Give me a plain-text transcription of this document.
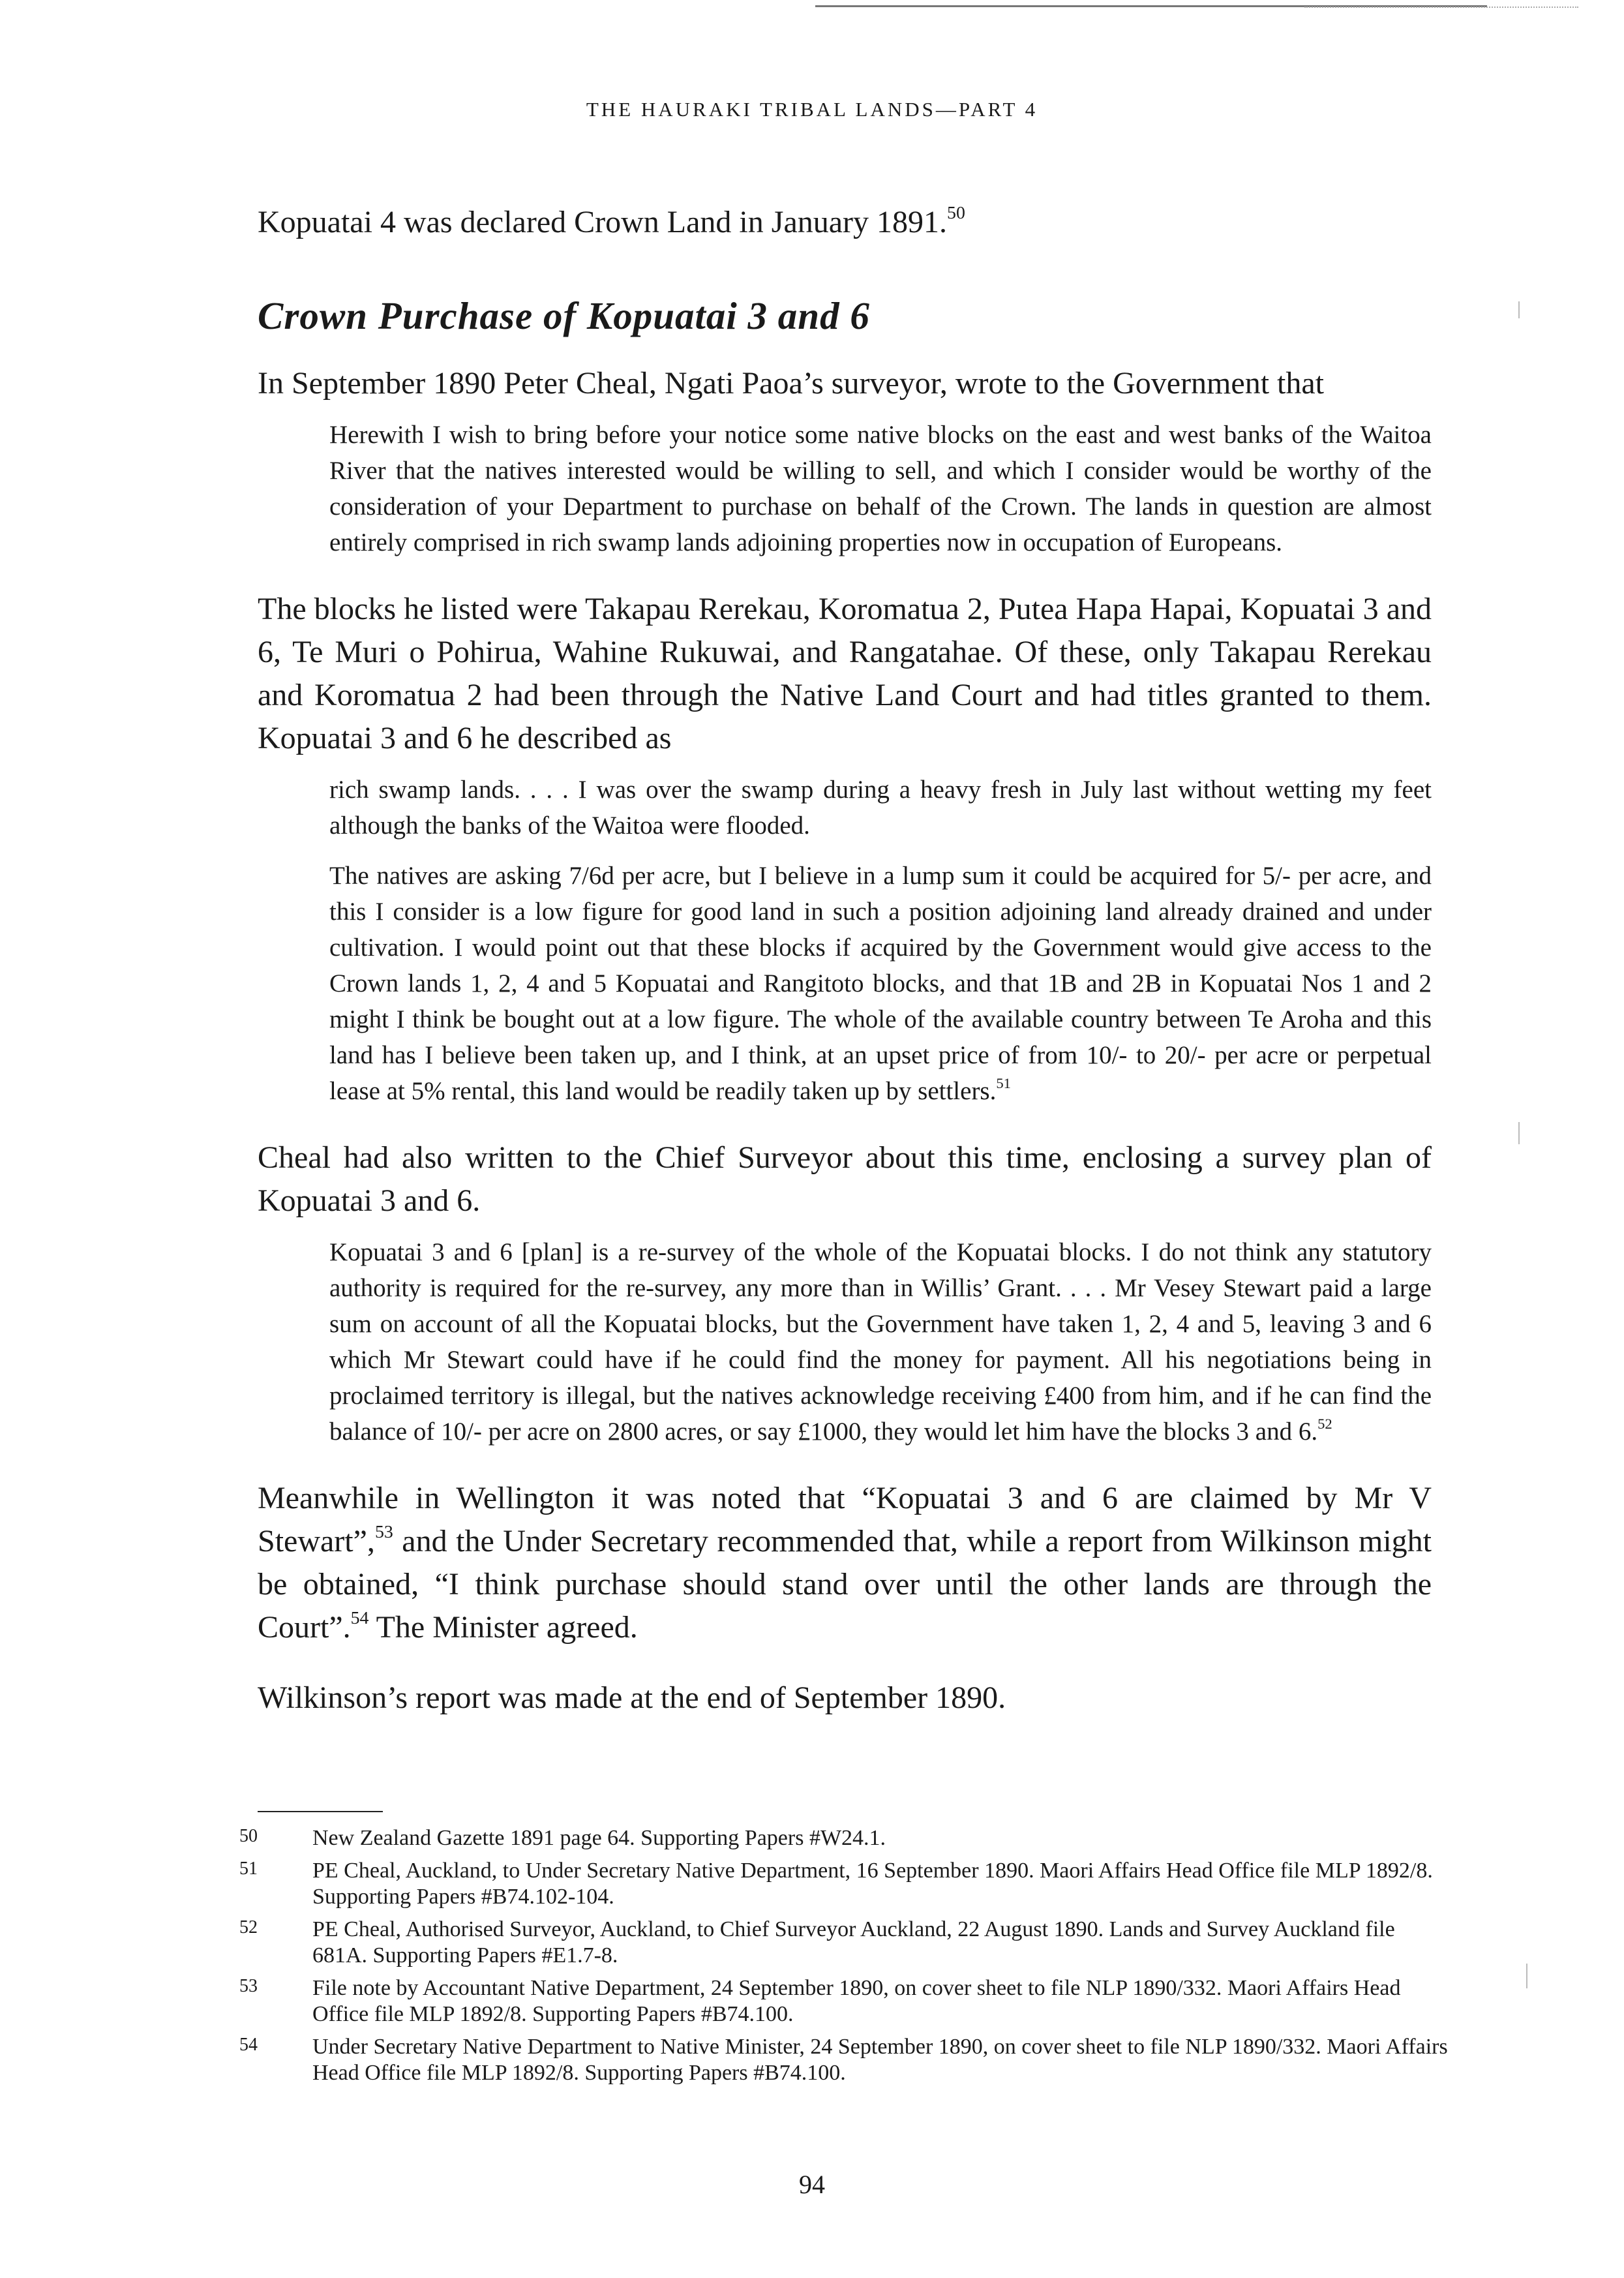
THE HAURAKI TRIBAL LANDS—PART 4

Kopuatai 4 was declared Crown Land in January 1891.50

Crown Purchase of Kopuatai 3 and 6

In September 1890 Peter Cheal, Ngati Paoa’s surveyor, wrote to the Government that

Herewith I wish to bring before your notice some native blocks on the east and west banks of the Waitoa River that the natives interested would be willing to sell, and which I consider would be worthy of the consideration of your Department to purchase on behalf of the Crown. The lands in question are almost entirely comprised in rich swamp lands adjoining properties now in occupation of Europeans.

The blocks he listed were Takapau Rerekau, Koromatua 2, Putea Hapa Hapai, Kopuatai 3 and 6, Te Muri o Pohirua, Wahine Rukuwai, and Rangatahae. Of these, only Takapau Rerekau and Koromatua 2 had been through the Native Land Court and had titles granted to them. Kopuatai 3 and 6 he described as

rich swamp lands. . . . I was over the swamp during a heavy fresh in July last without wetting my feet although the banks of the Waitoa were flooded.

The natives are asking 7/6d per acre, but I believe in a lump sum it could be acquired for 5/- per acre, and this I consider is a low figure for good land in such a position adjoining land already drained and under cultivation. I would point out that these blocks if acquired by the Government would give access to the Crown lands 1, 2, 4 and 5 Kopuatai and Rangitoto blocks, and that 1B and 2B in Kopuatai Nos 1 and 2 might I think be bought out at a low figure. The whole of the available country between Te Aroha and this land has I believe been taken up, and I think, at an upset price of from 10/- to 20/- per acre or perpetual lease at 5% rental, this land would be readily taken up by settlers.$^{51}$

Cheal had also written to the Chief Surveyor about this time, enclosing a survey plan of Kopuatai 3 and 6.

Kopuatai 3 and 6 [plan] is a re-survey of the whole of the Kopuatai blocks. I do not think any statutory authority is required for the re-survey, any more than in Willis’ Grant. . . . Mr Vesey Stewart paid a large sum on account of all the Kopuatai blocks, but the Government have taken 1, 2, 4 and 5, leaving 3 and 6 which Mr Stewart could have if he could find the money for payment. All his negotiations being in proclaimed territory is illegal, but the natives acknowledge receiving £400 from him, and if he can find the balance of 10/- per acre on 2800 acres, or say £1000, they would let him have the blocks 3 and 6.52

Meanwhile in Wellington it was noted that “Kopuatai 3 and 6 are claimed by Mr V Stewart”,$^{53}$ and the Under Secretary recommended that, while a report from Wilkinson might be obtained, “I think purchase should stand over until the other lands are through the Court”.$^{54}$ The Minister agreed.

Wilkinson’s report was made at the end of September 1890.

50	New Zealand Gazette 1891 page 64. Supporting Papers #W24.1.
51	PE Cheal, Auckland, to Under Secretary Native Department, 16 September 1890. Maori Affairs Head Office file MLP 1892/8. Supporting Papers #B74.102-104.
52	PE Cheal, Authorised Surveyor, Auckland, to Chief Surveyor Auckland, 22 August 1890. Lands and Survey Auckland file 681A. Supporting Papers #E1.7-8.
53	File note by Accountant Native Department, 24 September 1890, on cover sheet to file NLP 1890/332. Maori Affairs Head Office file MLP 1892/8. Supporting Papers #B74.100.
54	Under Secretary Native Department to Native Minister, 24 September 1890, on cover sheet to file NLP 1890/332. Maori Affairs Head Office file MLP 1892/8. Supporting Papers #B74.100.
94
